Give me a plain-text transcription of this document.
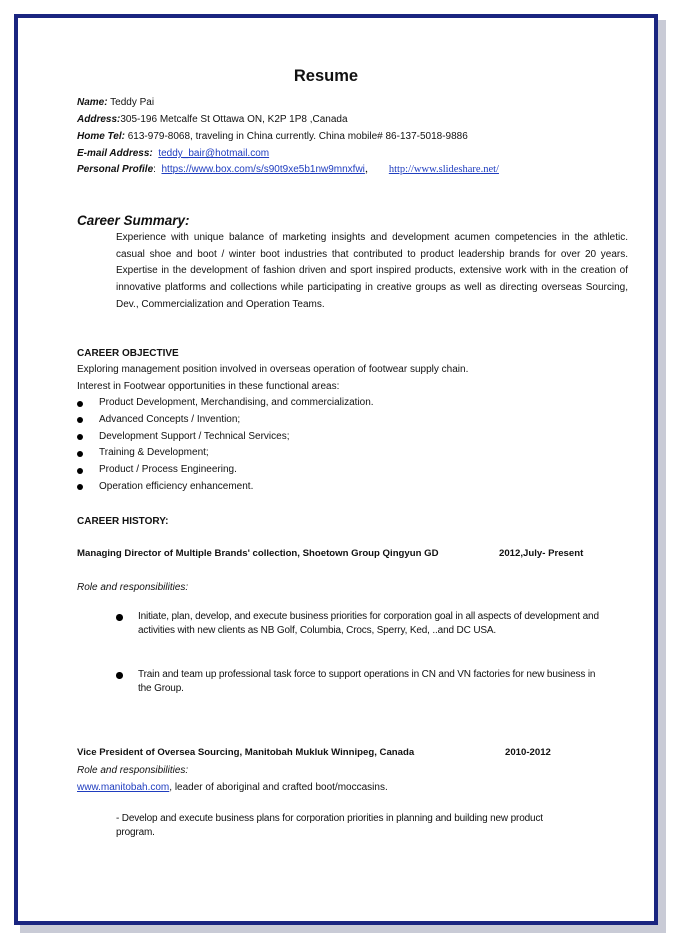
Resume
Name: Teddy Pai
Address:305-196 Metcalfe St Ottawa ON, K2P 1P8 ,Canada
Home Tel: 613-979-8068, traveling in China currently. China mobile# 86-137-5018-9886
E-mail Address: teddy_bair@hotmail.com
Personal Profile: https://www.box.com/s/s90t9xe5b1nw9mnxfwi， http://www.slideshare.net/
Career Summary:
Experience with unique balance of marketing insights and development acumen competencies in the athletic. casual shoe and boot / winter boot industries that contributed to product leadership brands for over 20 years. Expertise in the development of fashion driven and sport inspired products, extensive work with in the creation of innovative platforms and collections while participating in creative groups as well as directing overseas Sourcing, Dev., Commercialization and Operation Teams.
CAREER OBJECTIVE
Exploring management position involved in overseas operation of footwear supply chain.
Interest in Footwear opportunities in these functional areas:
Product Development, Merchandising, and commercialization.
Advanced Concepts / Invention;
Development Support / Technical Services;
Training & Development;
Product / Process Engineering.
Operation efficiency enhancement.
CAREER HISTORY:
Managing Director of Multiple Brands' collection, Shoetown Group Qingyun GD	2012,July- Present
Role and responsibilities:
Initiate, plan, develop, and execute business priorities for corporation goal in all aspects of development and activities with new clients as NB Golf, Columbia, Crocs, Sperry, Ked, ..and DC USA.
Train and team up professional task force to support operations in CN and VN factories for new business in the Group.
Vice President of Oversea Sourcing, Manitobah Mukluk Winnipeg, Canada	2010-2012
Role and responsibilities:
www.manitobah.com, leader of aboriginal and crafted boot/moccasins.
- Develop and execute business plans for corporation priorities in planning and building new product program.
